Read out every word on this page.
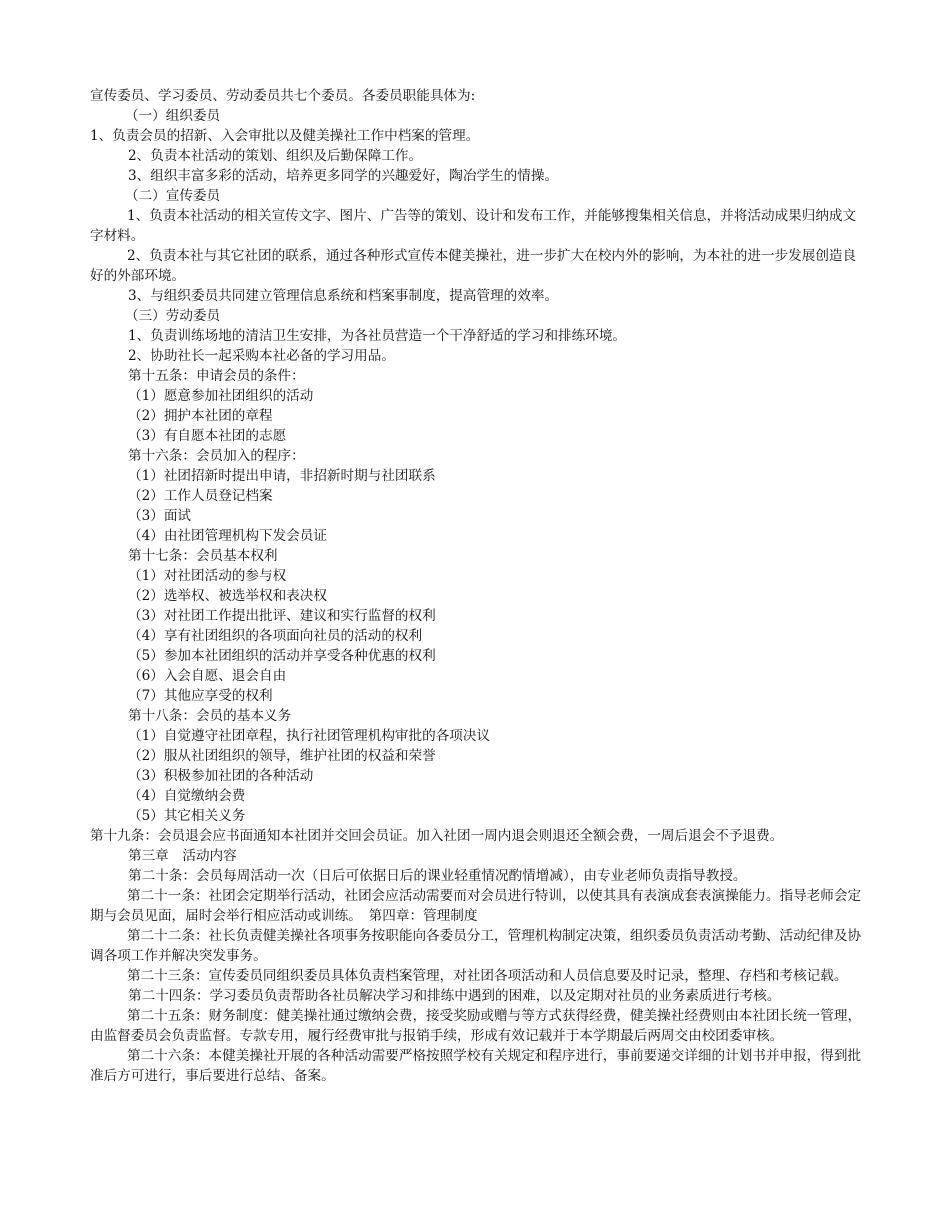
宣传委员、学习委员、劳动委员共七个委员。各委员职能具体为:
（一）组织委员
1、负责会员的招新、入会审批以及健美操社工作中档案的管理。
2、负责本社活动的策划、组织及后勤保障工作。
3、组织丰富多彩的活动，培养更多同学的兴趣爱好，陶冶学生的情操。
（二）宣传委员
1、负责本社活动的相关宣传文字、图片、广告等的策划、设计和发布工作，并能够搜集相关信息，并将活动成果归纳成文字材料。
2、负责本社与其它社团的联系，通过各种形式宣传本健美操社，进一步扩大在校内外的影响，为本社的进一步发展创造良好的外部环境。
3、与组织委员共同建立管理信息系统和档案事制度，提高管理的效率。
（三）劳动委员
1、负责训练场地的清洁卫生安排，为各社员营造一个干净舒适的学习和排练环境。
2、协助社长一起采购本社必备的学习用品。
第十五条：申请会员的条件：
（1）愿意参加社团组织的活动
（2）拥护本社团的章程
（3）有自愿本社团的志愿
第十六条：会员加入的程序：
（1）社团招新时提出申请，非招新时期与社团联系
（2）工作人员登记档案
（3）面试
（4）由社团管理机构下发会员证
第十七条：会员基本权利
（1）对社团活动的参与权
（2）选举权、被选举权和表决权
（3）对社团工作提出批评、建议和实行监督的权利
（4）享有社团组织的各项面向社员的活动的权利
（5）参加本社团组织的活动并享受各种优惠的权利
（6）入会自愿、退会自由
（7）其他应享受的权利
第十八条：会员的基本义务
（1）自觉遵守社团章程，执行社团管理机构审批的各项决议
（2）服从社团组织的领导，维护社团的权益和荣誉
（3）积极参加社团的各种活动
（4）自觉缴纳会费
（5）其它相关义务
第十九条：会员退会应书面通知本社团并交回会员证。加入社团一周内退会则退还全额会费，一周后退会不予退费。
第三章　活动内容
第二十条：会员每周活动一次（日后可依据日后的课业轻重情况酌情增减），由专业老师负责指导教授。
第二十一条：社团会定期举行活动，社团会应活动需要而对会员进行特训，以使其具有表演成套表演操能力。指导老师会定期与会员见面，届时会举行相应活动或训练。　第四章：管理制度
第二十二条：社长负责健美操社各项事务按职能向各委员分工，管理机构制定决策，组织委员负责活动考勤、活动纪律及协调各项工作并解决突发事务。
第二十三条：宣传委员同组织委员具体负责档案管理，对社团各项活动和人员信息要及时记录，整理、存档和考核记载。
第二十四条：学习委员负责帮助各社员解决学习和排练中遇到的困难，以及定期对社员的业务素质进行考核。
第二十五条：财务制度：健美操社通过缴纳会费，接受奖励或赠与等方式获得经费，健美操社经费则由本社团长统一管理，由监督委员会负责监督。专款专用，履行经费审批与报销手续，形成有效记载并于本学期最后两周交由校团委审核。
第二十六条：本健美操社开展的各种活动需要严格按照学校有关规定和程序进行，事前要递交详细的计划书并申报，得到批准后方可进行，事后要进行总结、备案。
